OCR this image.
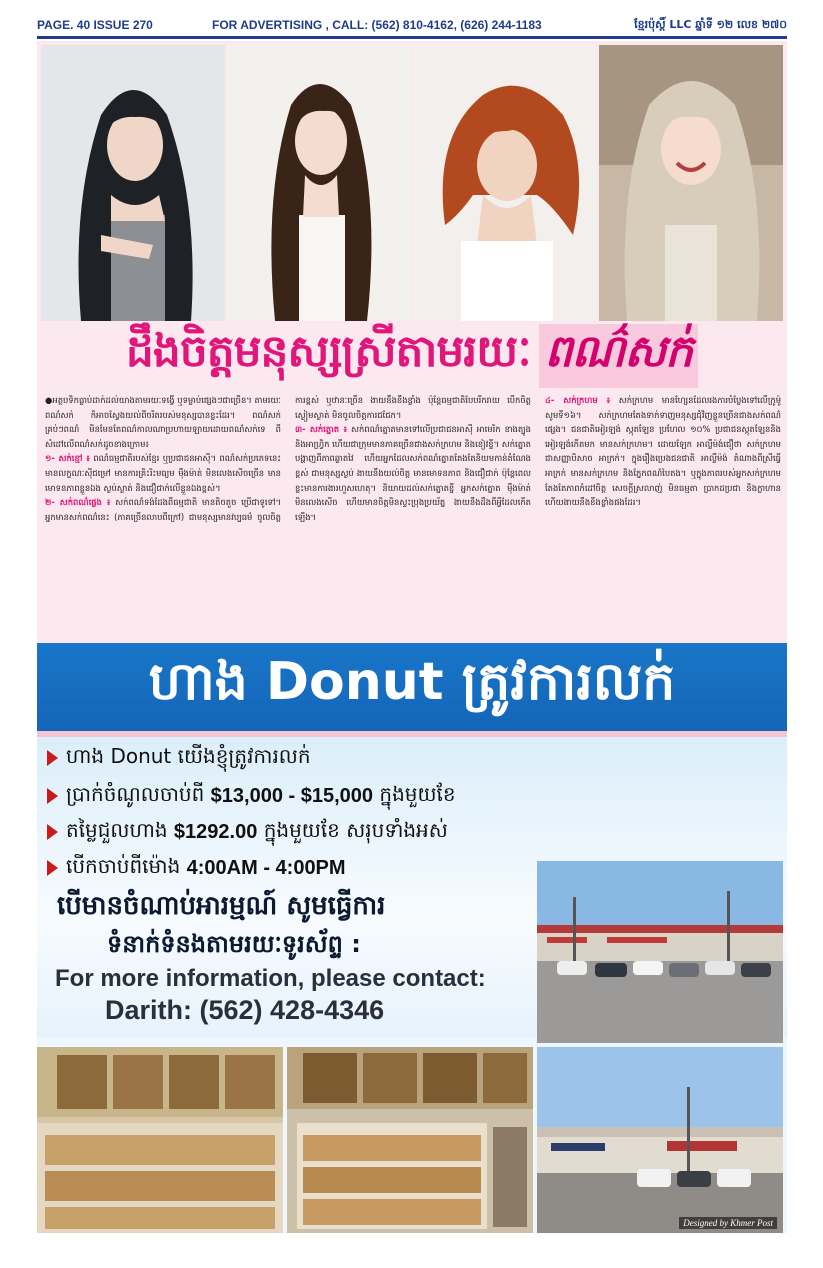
PAGE. 40 ISSUE 270	FOR ADVERTISING , CALL: (562) 810-4162, (626) 244-1183	ខ្មែរប៉ុស្តិ៍ LLC ឆ្នាំទី ១២ លេខ ២៧០
ដឹងចិត្តមនុស្សស្រីតាមរយៈ ពណ៌សក់

●អត្ថបទិកធ្លាប់ដាក់ដល់យាងតាមរយៈទង្វើ ឬទម្លាប់ផ្សេងៗជាច្រើន។ តាមរយៈពណ៌សក់ ក៏អាចស្វែងយល់ពីចរិតរបស់មនុស្សបានខ្លះដែរ។ ពណ៌សក់គ្រប់ៗពណ៌ មិនមែនតែពណ៌កាលណាប្រហាយឡាយដោយពណ៌សក់ទេ ពីសំដៅលើពណ៌សក់ដូចខាងក្រោម៖

១- សក់ខ្មៅ ៖ ពណ៌ធម្មជាតិរបស់ខ្មែរ ឬប្រជាជនអាស៊ី។ ពណ៌សក់ប្រភេទនេះ មានលក្ខណៈស៊ីជម្រៅ មានការគ្រិះរិះមធ្យម ម៉ឺងម៉ាត់ មិនលេងសើចច្រើន មានមោទនភាពខ្លួនឯង ស្ងប់ស្ងាត់ និងជឿជាក់លើខ្លួនឯងខ្ពស់។

២- សក់ពណ៌ផ្លេង ៖ សក់ពណ៌ទង់ដែងពីធម្មជាតិ មានតិចតួច ប្រើជាទូទៅ។ អ្នកមានសក់ពណ៌នេះ (ភាគច្រើនលាបពីក្រៅ) ជាមនុស្សមានវប្បធម៌ ចូលចិត្តការខ្ពស់ ឬឋានៈច្រើន ងាយនឹងខឹងខ្លាំង ប៉ុន្តែធម្មជាតិបែបរីករាយ បើកចិត្ត ស្ងៀមស្ងាត់ មិនចូលចិត្តការជជែក។

៣- សក់ត្នោត ៖ សក់ពណ៌ត្នោតមានទៅលើប្រជាជនអាស៊ី អាមេរិក ខាងត្បូង និងអាហ្វ្រិក ហើយជាក្រុមមានភាគច្រើនជាងសក់ក្រហម និងខៀវខ្ចី។ សក់ត្នោតបង្ហាញពីភាពឆ្លាតវៃ ហើយអ្នកដែលសក់ពណ៌ត្នោតតែងតែនិយមកាន់តំណែងខ្ពស់ ជាមនុស្សស្ងប់ ងាយនឹងយល់ចិត្ត មានមោទនភាព និងជឿជាក់ ប៉ុន្តែពេលខ្លះមានការងារហួសហេតុ។ និយាយដល់សក់ត្នោតខ្ចី អ្នកសក់ត្នោត ម៉ឺងម៉ាត់ មិនលេងសើច ហើយមានចិត្តមិនស្ទះប្រុងប្រយ័ត្ន ងាយនឹងដឹងពីអ្វីដែលកើតឡើង។

៤- សក់ក្រហម ៖ សក់ក្រហម មានហ្សែនដែលរងការបំប្លែងទៅលើក្រូម៉ូសូមទី១៦។ សក់ក្រហមតែងទាក់ទាញមនុស្សជុំវិញខ្លួនច្រើនជាងសក់ពណ៌ផ្សេង។ ជនជាតិអៀរឡង់ ស្កុតឡែន ប្រហែល ១០% ប្រជាជនស្កុតឡែននិងអៀរឡង់កើតមក មានសក់ក្រហម។ ដោយឡែក អាល្លឺម៉ង់ជឿថា សក់ក្រហម ជាសញ្ញាបិសាច អាក្រក់។ ក្នុងរឿងប្រេងជនជាតិ អាល្លឺម៉ង់ តំណាងពីស្រីធ្វើអាក្រក់ មានសក់ក្រហម និងភ្នែកពណ៌បៃតង។ ឬក្នុងភាពរបស់អ្នកសក់ក្រហម តែងតែភាពកំដៅចិត្ត សេចក្ដីស្រលាញ់ មិនធម្មតា ប្រាកដប្រជា និងក្លាហាន ហើយងាយនឹងខឹងខ្លាំងផងដែរ។

ហាង Donut ត្រូវការលក់
ហាង Donut យើងខ្ញុំត្រូវការលក់
ប្រាក់ចំណូលចាប់ពី
$13,000 - $15,000
ក្នុងមួយខែ
តម្លៃជួលហាង
$1292.00
ក្នុងមួយខែ សរុបទាំងអស់
បើកចាប់ពីម៉ោង
4:00AM - 4:00PM
បើមានចំណាប់អារម្មណ៍ សូមធ្វើការ
ទំនាក់ទំនងតាមរយៈទូរស័ព្ទ :
For more information, please contact:
Darith: (562) 428-4346
Designed by Khmer Post
